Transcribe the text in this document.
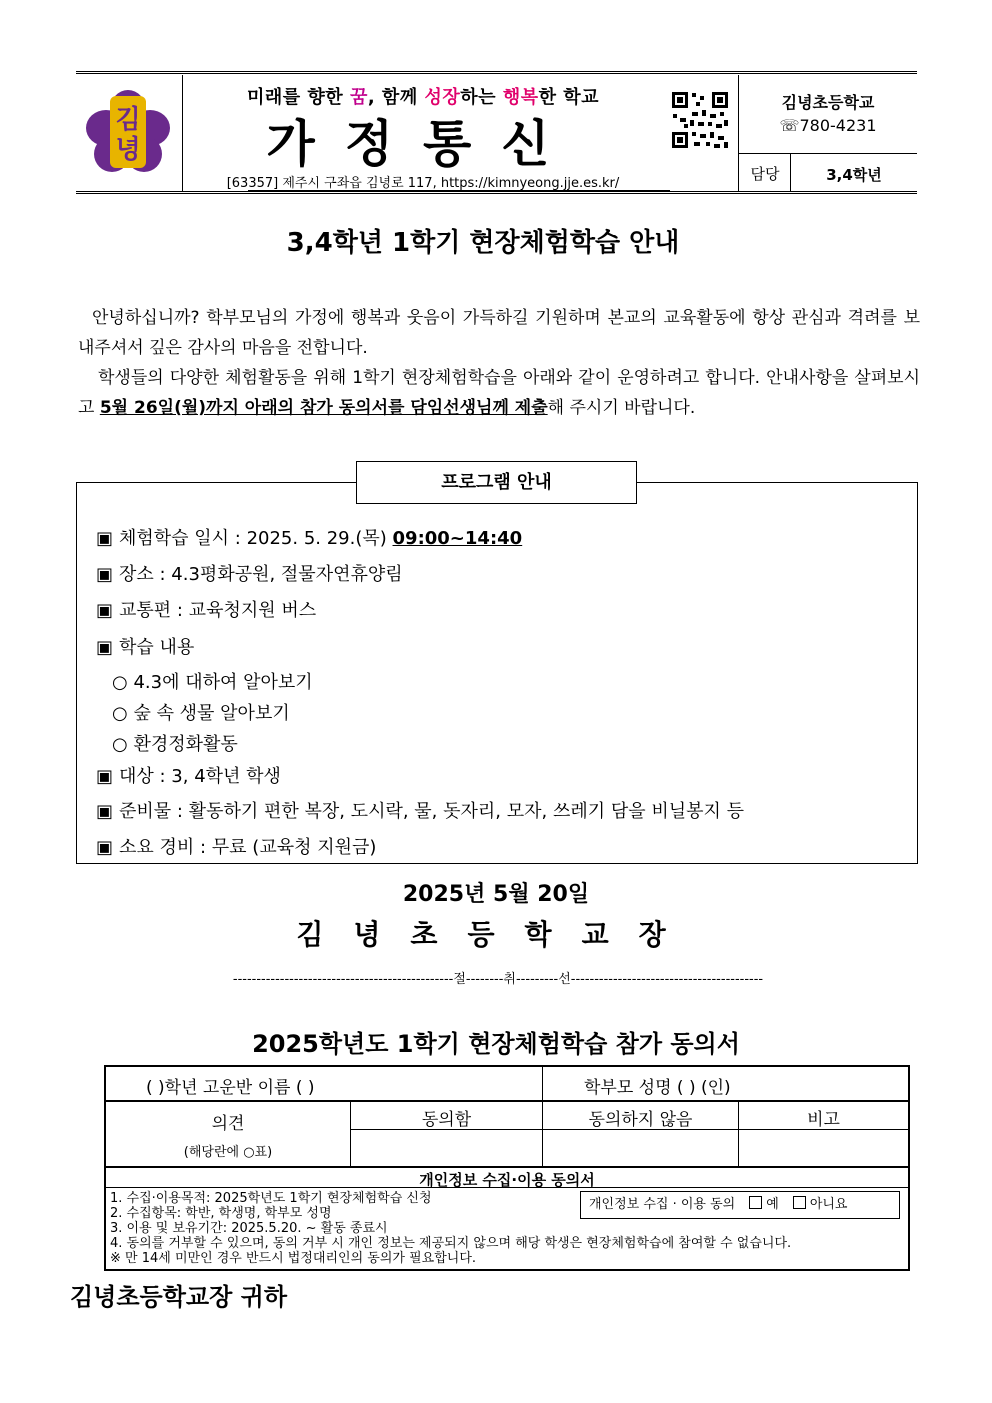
김
녕
미래를 향한 꿈, 함께 성장하는 행복한 학교
가정통신
[63357] 제주시 구좌읍 김녕로 117, https://kimnyeong.jje.es.kr/
김녕초등학교
☏780-4231
담당	3,4학년
3,4학년 1학기 현장체험학습 안내
안녕하십니까? 학부모님의 가정에 행복과 웃음이 가득하길 기원하며 본교의 교육활동에 항상 관심과 격려를 보내주셔서 깊은 감사의 마음을 전합니다.
학생들의 다양한 체험활동을 위해 1학기 현장체험학습을 아래와 같이 운영하려고 합니다. 안내사항을 살펴보시고 5월 26일(월)까지 아래의 참가 동의서를 담임선생님께 제출해 주시기 바랍니다.
프로그램 안내
▣ 체험학습 일시 : 2025. 5. 29.(목) 09:00~14:40
▣ 장소 : 4.3평화공원, 절물자연휴양림
▣ 교통편 : 교육청지원 버스
▣ 학습 내용
○ 4.3에 대하여 알아보기
○ 숲 속 생물 알아보기
○ 환경정화활동
▣ 대상 : 3, 4학년 학생
▣ 준비물 : 활동하기 편한 복장, 도시락, 물, 돗자리, 모자, 쓰레기 담을 비닐봉지 등
▣ 소요 경비 : 무료 (교육청 지원금)
2025년 5월 20일
김녕초등학교장
-----------------------------------------------절--------취---------선-----------------------------------------
2025학년도 1학기 현장체험학습 참가 동의서
( )학년 고운반 이름 ( )	학부모 성명 ( ) (인)
의견
(해당란에 ○표)
동의함	동의하지 않음	비고
개인정보 수집·이용 동의서
1. 수집·이용목적: 2025학년도 1학기 현장체험학습 신청
2. 수집항목: 학반, 학생명, 학부모 성명
3. 이용 및 보유기간: 2025.5.20. ~ 활동 종료시
4. 동의를 거부할 수 있으며, 동의 거부 시 개인 정보는 제공되지 않으며 해당 학생은 현장체험학습에 참여할 수 없습니다.
※ 만 14세 미만인 경우 반드시 법정대리인의 동의가 필요합니다.
개인정보 수집 · 이용 동의 예 아니요
김녕초등학교장 귀하
